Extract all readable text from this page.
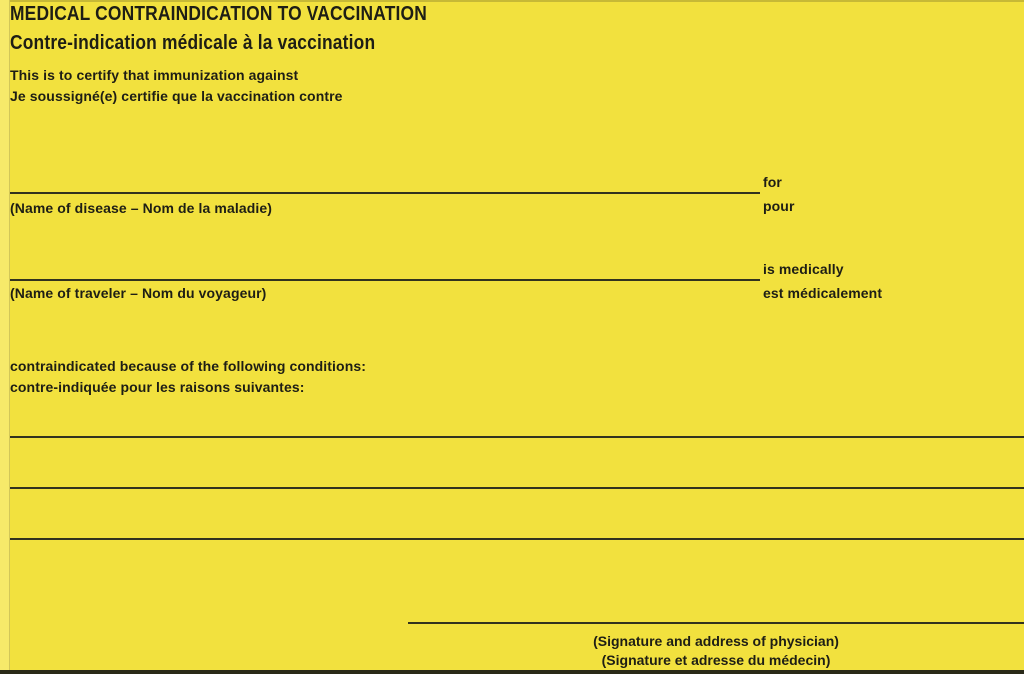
MEDICAL CONTRAINDICATION TO VACCINATION
Contre-indication médicale à la vaccination
This is to certify that immunization against
Je soussigné(e) certifie que la vaccination contre
(Name of disease – Nom de la maladie)
for
pour
(Name of traveler – Nom du voyageur)
is medically
est médicalement
contraindicated because of the following conditions:
contre-indiquée pour les raisons suivantes:
(Signature and address of physician)
(Signature et adresse du médecin)
